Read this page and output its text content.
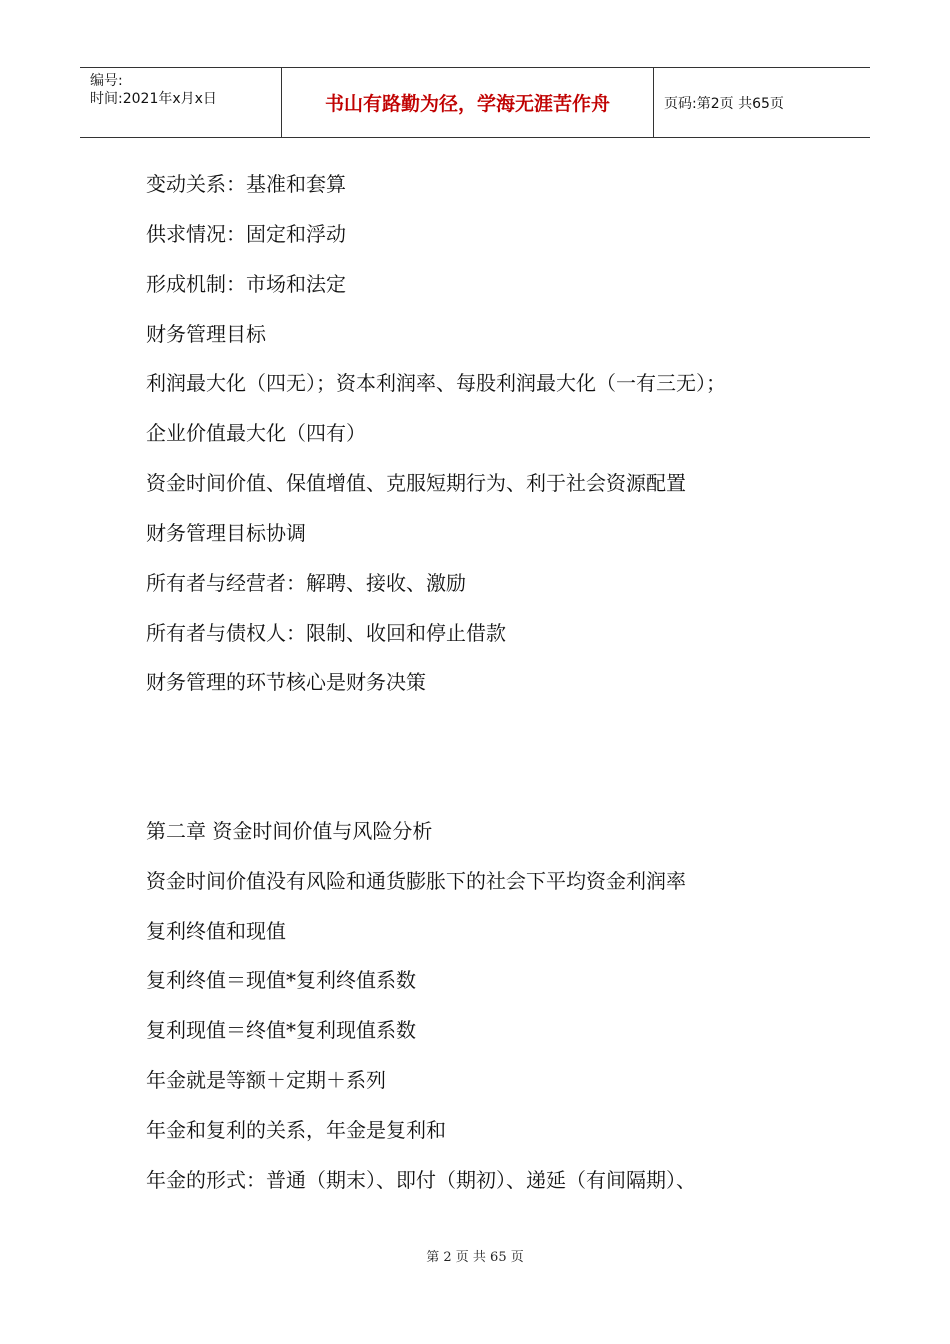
编号:
时间:2021年x月x日	书山有路勤为径，学海无涯苦作舟	页码:第2页 共65页
变动关系：基准和套算
供求情况：固定和浮动
形成机制：市场和法定
财务管理目标
利润最大化（四无）；资本利润率、每股利润最大化（一有三无）；
企业价值最大化（四有）
资金时间价值、保值增值、克服短期行为、利于社会资源配置
财务管理目标协调
所有者与经营者：解聘、接收、激励
所有者与债权人：限制、收回和停止借款
财务管理的环节核心是财务决策
第二章 资金时间价值与风险分析
资金时间价值没有风险和通货膨胀下的社会下平均资金利润率
复利终值和现值
复利终值＝现值*复利终值系数
复利现值＝终值*复利现值系数
年金就是等额＋定期＋系列
年金和复利的关系，年金是复利和
年金的形式：普通（期末）、即付（期初）、递延（有间隔期）、
第 2 页 共 65 页
